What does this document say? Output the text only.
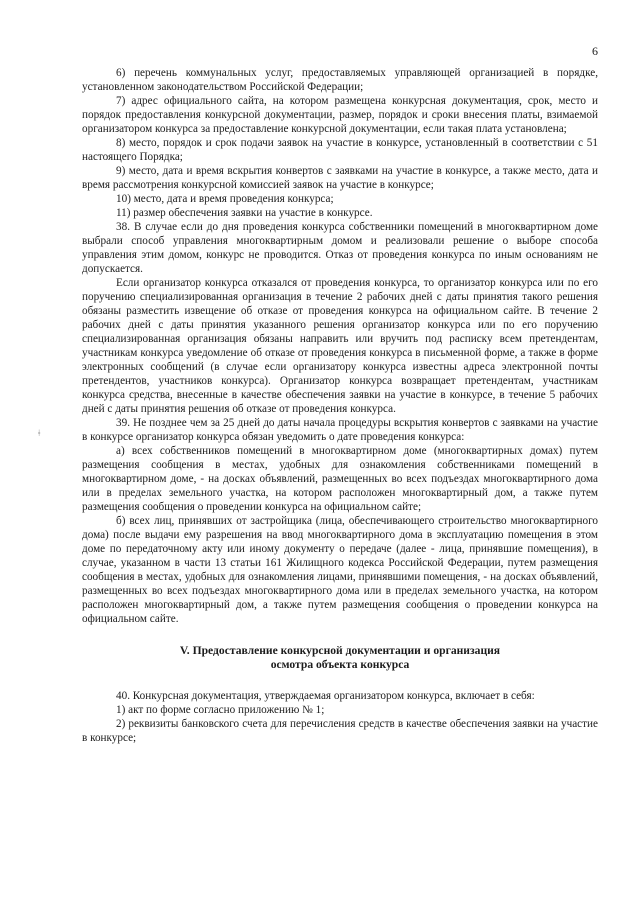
6
ǂ

6) перечень коммунальных услуг, предоставляемых управляющей организацией в порядке, установленном законодательством Российской Федерации;

7) адрес официального сайта, на котором размещена конкурсная документация, срок, место и порядок предоставления конкурсной документации, размер, порядок и сроки внесения платы, взимаемой организатором конкурса за предоставление конкурсной документации, если такая плата установлена;

8) место, порядок и срок подачи заявок на участие в конкурсе, установленный в соответствии с 51 настоящего Порядка;

9) место, дата и время вскрытия конвертов с заявками на участие в конкурсе, а также место, дата и время рассмотрения конкурсной комиссией заявок на участие в конкурсе;

10) место, дата и время проведения конкурса;

11) размер обеспечения заявки на участие в конкурсе.

38. В случае если до дня проведения конкурса собственники помещений в многоквартирном доме выбрали способ управления многоквартирным домом и реализовали решение о выборе способа управления этим домом, конкурс не проводится. Отказ от проведения конкурса по иным основаниям не допускается.

Если организатор конкурса отказался от проведения конкурса, то организатор конкурса или по его поручению специализированная организация в течение 2 рабочих дней с даты принятия такого решения обязаны разместить извещение об отказе от проведения конкурса на официальном сайте. В течение 2 рабочих дней с даты принятия указанного решения организатор конкурса или по его поручению специализированная организация обязаны направить или вручить под расписку всем претендентам, участникам конкурса уведомление об отказе от проведения конкурса в письменной форме, а также в форме электронных сообщений (в случае если организатору конкурса известны адреса электронной почты претендентов, участников конкурса). Организатор конкурса возвращает претендентам, участникам конкурса средства, внесенные в качестве обеспечения заявки на участие в конкурсе, в течение 5 рабочих дней с даты принятия решения об отказе от проведения конкурса.

39. Не позднее чем за 25 дней до даты начала процедуры вскрытия конвертов с заявками на участие в конкурсе организатор конкурса обязан уведомить о дате проведения конкурса:

а) всех собственников помещений в многоквартирном доме (многоквартирных домах) путем размещения сообщения в местах, удобных для ознакомления собственниками помещений в многоквартирном доме, - на досках объявлений, размещенных во всех подъездах многоквартирного дома или в пределах земельного участка, на котором расположен многоквартирный дом, а также путем размещения сообщения о проведении конкурса на официальном сайте;

б) всех лиц, принявших от застройщика (лица, обеспечивающего строительство многоквартирного дома) после выдачи ему разрешения на ввод многоквартирного дома в эксплуатацию помещения в этом доме по передаточному акту или иному документу о передаче (далее - лица, принявшие помещения), в случае, указанном в части 13 статьи 161 Жилищного кодекса Российской Федерации, путем размещения сообщения в местах, удобных для ознакомления лицами, принявшими помещения, - на досках объявлений, размещенных во всех подъездах многоквартирного дома или в пределах земельного участка, на котором расположен многоквартирный дом, а также путем размещения сообщения о проведении конкурса на официальном сайте.

V. Предоставление конкурсной документации и организация
осмотра объекта конкурса

40. Конкурсная документация, утверждаемая организатором конкурса, включает в себя:

1) акт по форме согласно приложению № 1;

2) реквизиты банковского счета для перечисления средств в качестве обеспечения заявки на участие в конкурсе;
